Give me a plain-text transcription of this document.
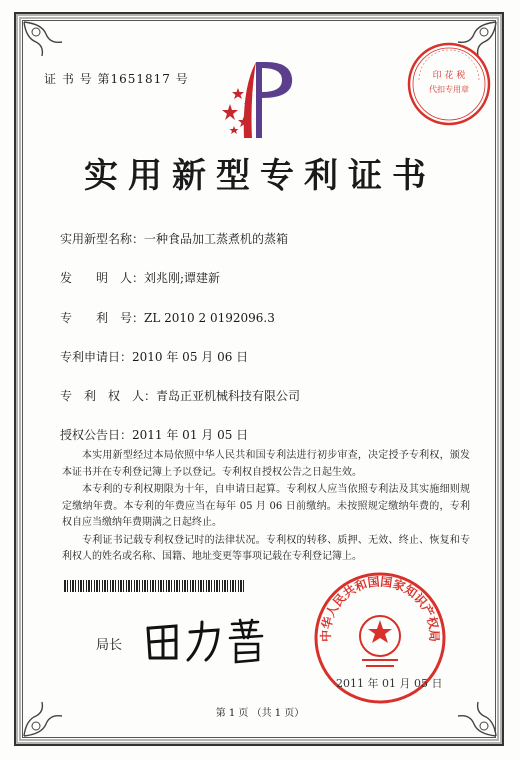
证 书 号 第1651817 号	印 花 税
代扣专用章
实用新型专利证书
实用新型名称：一种食品加工蒸煮机的蒸箱
发　　明　人：刘兆刚;谭建新
专　　利　号：ZL 2010 2 0192096.3
专利申请日：2010 年 05 月 06 日
专　利　权　人：青岛正亚机械科技有限公司
授权公告日：2011 年 01 月 05 日

本实用新型经过本局依照中华人民共和国专利法进行初步审查，决定授予专利权，颁发本证书并在专利登记簿上予以登记。专利权自授权公告之日起生效。

本专利的专利权期限为十年，自申请日起算。专利权人应当依照专利法及其实施细则规定缴纳年费。本专利的年费应当在每年 05 月 06 日前缴纳。未按照规定缴纳年费的，专利权自应当缴纳年费期满之日起终止。

专利证书记载专利权登记时的法律状况。专利权的转移、质押、无效、终止、恢复和专利权人的姓名或名称、国籍、地址变更等事项记载在专利登记簿上。

局长
中华人民共和国国家知识产权局
2011 年 01 月 05 日
第 1 页 （共 1 页）
